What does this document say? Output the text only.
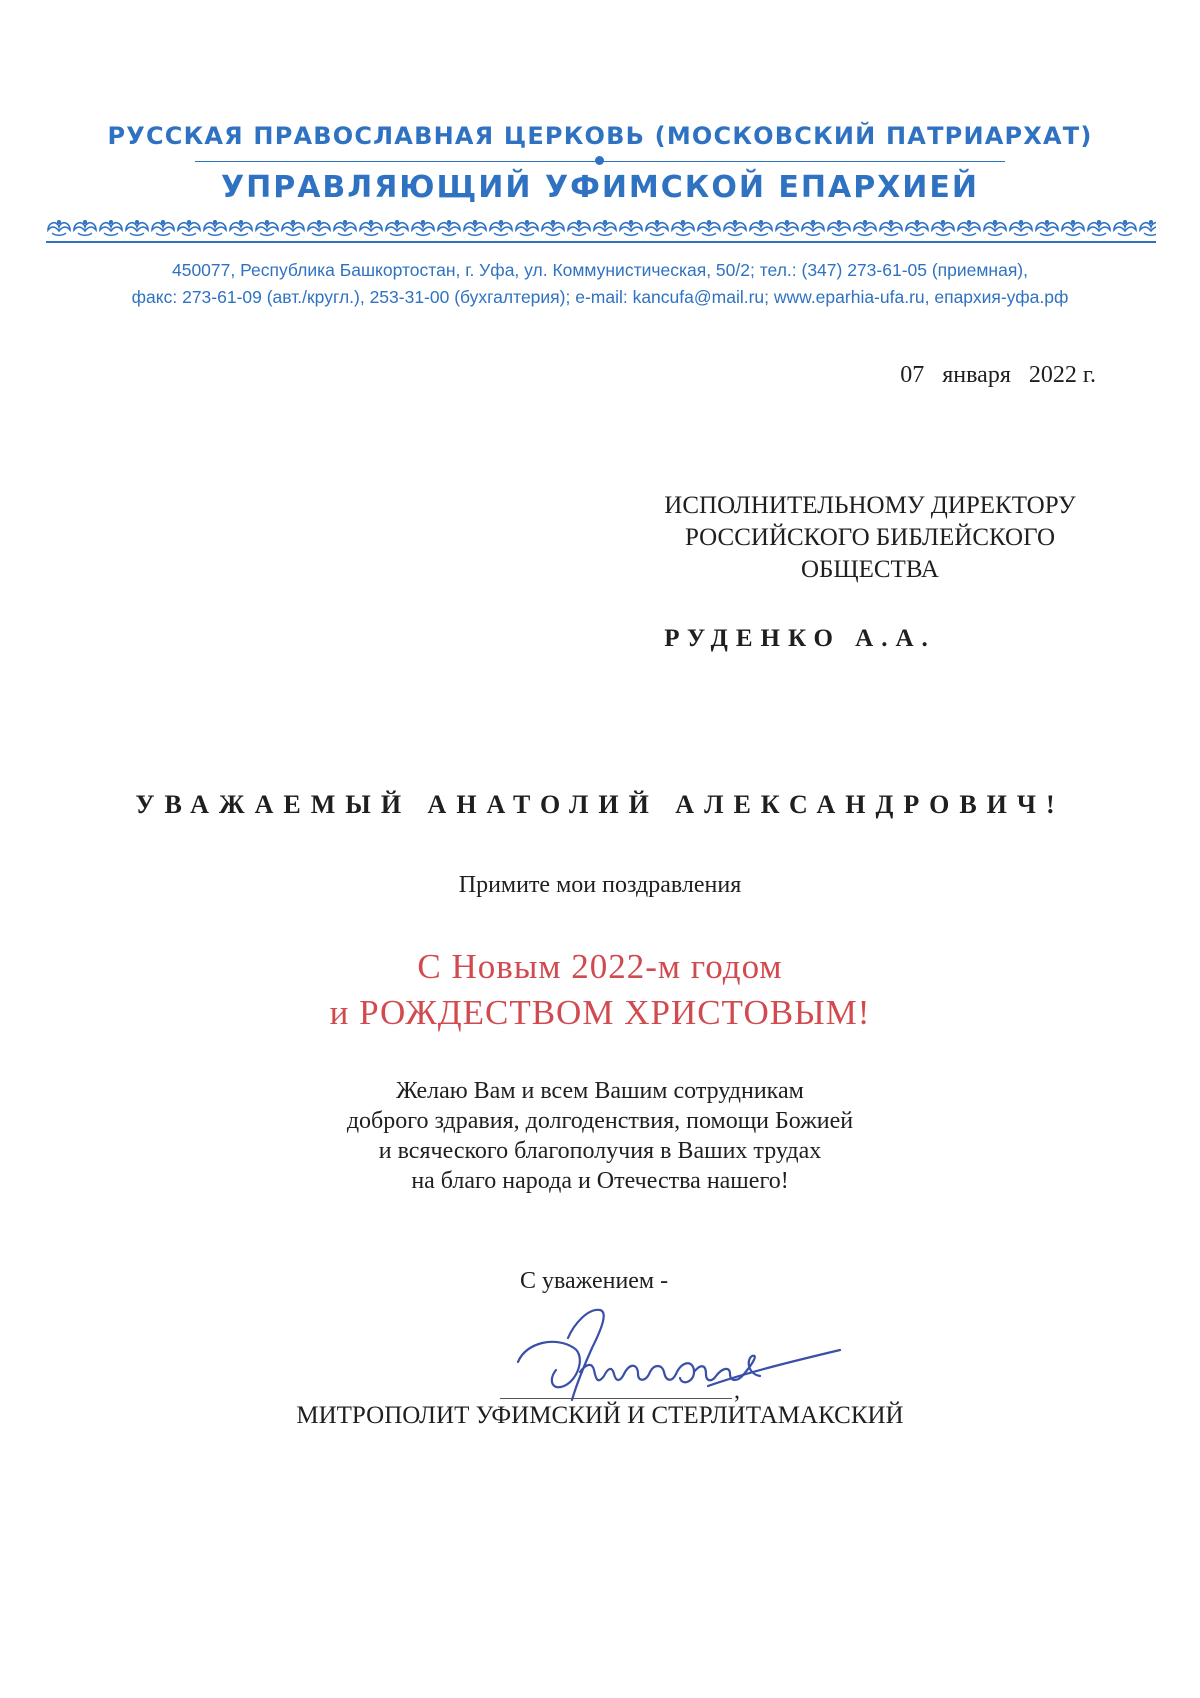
РУССКАЯ ПРАВОСЛАВНАЯ ЦЕРКОВЬ (МОСКОВСКИЙ ПАТРИАРХАТ)
УПРАВЛЯЮЩИЙ УФИМСКОЙ ЕПАРХИЕЙ
450077, Республика Башкортостан, г. Уфа, ул. Коммунистическая, 50/2; тел.: (347) 273-61-05 (приемная),
факс: 273-61-09 (авт./кругл.), 253-31-00 (бухгалтерия); e-mail: kancufa@mail.ru; www.eparhia-ufa.ru, епархия-уфа.рф
07   января   2022 г.
ИСПОЛНИТЕЛЬНОМУ ДИРЕКТОРУ
РОССИЙСКОГО БИБЛЕЙСКОГО
ОБЩЕСТВА
РУДЕНКО А.А.
УВАЖАЕМЫЙ АНАТОЛИЙ АЛЕКСАНДРОВИЧ!
Примите мои поздравления
С Новым 2022-м годом
и РОЖДЕСТВОМ ХРИСТОВЫМ!
Желаю Вам и всем Вашим сотрудникам
доброго здравия, долгоденствия, помощи Божией
и всяческого благополучия в Ваших трудах
на благо народа и Отечества нашего!
С уважением -
,
МИТРОПОЛИТ УФИМСКИЙ И СТЕРЛИТАМАКСКИЙ
